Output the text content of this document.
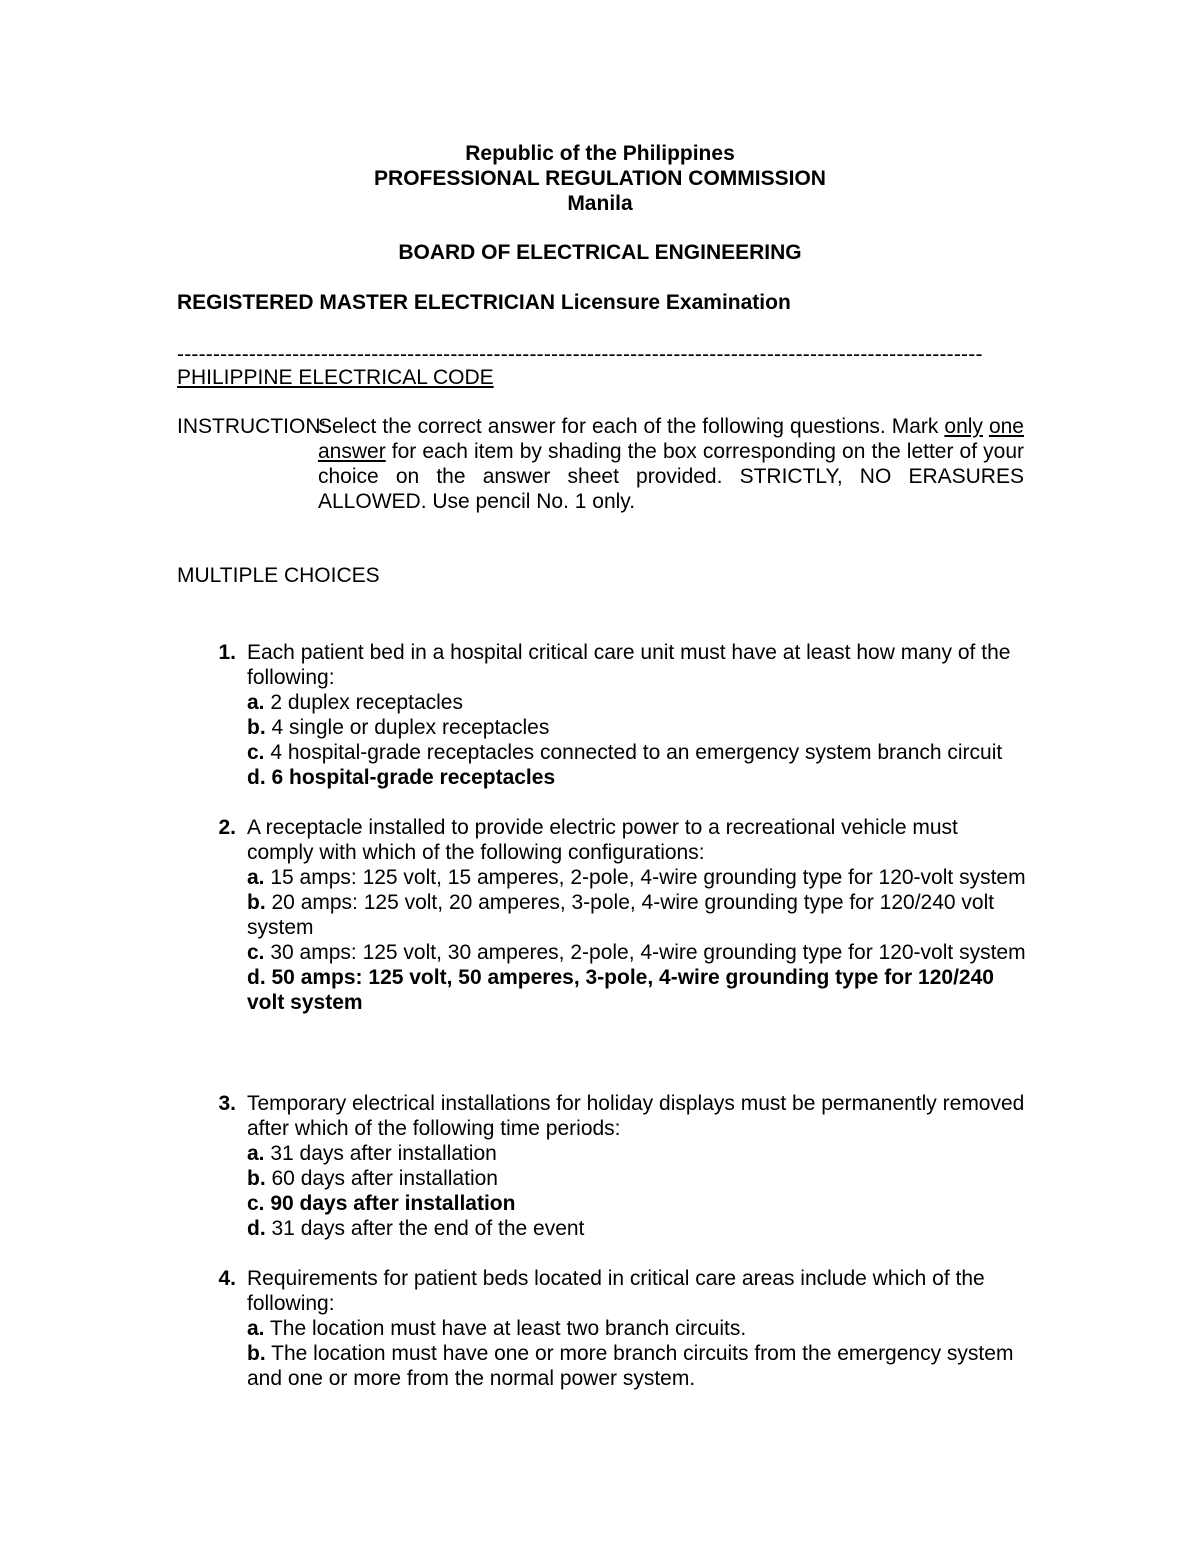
Republic of the Philippines
PROFESSIONAL REGULATION COMMISSION
Manila
BOARD OF ELECTRICAL ENGINEERING
REGISTERED MASTER ELECTRICIAN Licensure Examination
----------------------------------------------------------------------------------------------------------------
PHILIPPINE ELECTRICAL CODE
INSTRUCTION:
Select the correct answer for each of the following questions. Mark only one answer for each item by shading the box corresponding on the letter of your choice on the answer sheet provided. STRICTLY, NO ERASURES ALLOWED. Use pencil No. 1 only.
MULTIPLE CHOICES
1. Each patient bed in a hospital critical care unit must have at least how many of the following:
a. 2 duplex receptacles
b. 4 single or duplex receptacles
c. 4 hospital-grade receptacles connected to an emergency system branch circuit
d. 6 hospital-grade receptacles
2. A receptacle installed to provide electric power to a recreational vehicle must comply with which of the following configurations:
a. 15 amps: 125 volt, 15 amperes, 2-pole, 4-wire grounding type for 120-volt system
b. 20 amps: 125 volt, 20 amperes, 3-pole, 4-wire grounding type for 120/240 volt system
c. 30 amps: 125 volt, 30 amperes, 2-pole, 4-wire grounding type for 120-volt system
d. 50 amps: 125 volt, 50 amperes, 3-pole, 4-wire grounding type for 120/240 volt system
3. Temporary electrical installations for holiday displays must be permanently removed after which of the following time periods:
a. 31 days after installation
b. 60 days after installation
c. 90 days after installation
d. 31 days after the end of the event
4. Requirements for patient beds located in critical care areas include which of the following:
a. The location must have at least two branch circuits.
b. The location must have one or more branch circuits from the emergency system and one or more from the normal power system.
